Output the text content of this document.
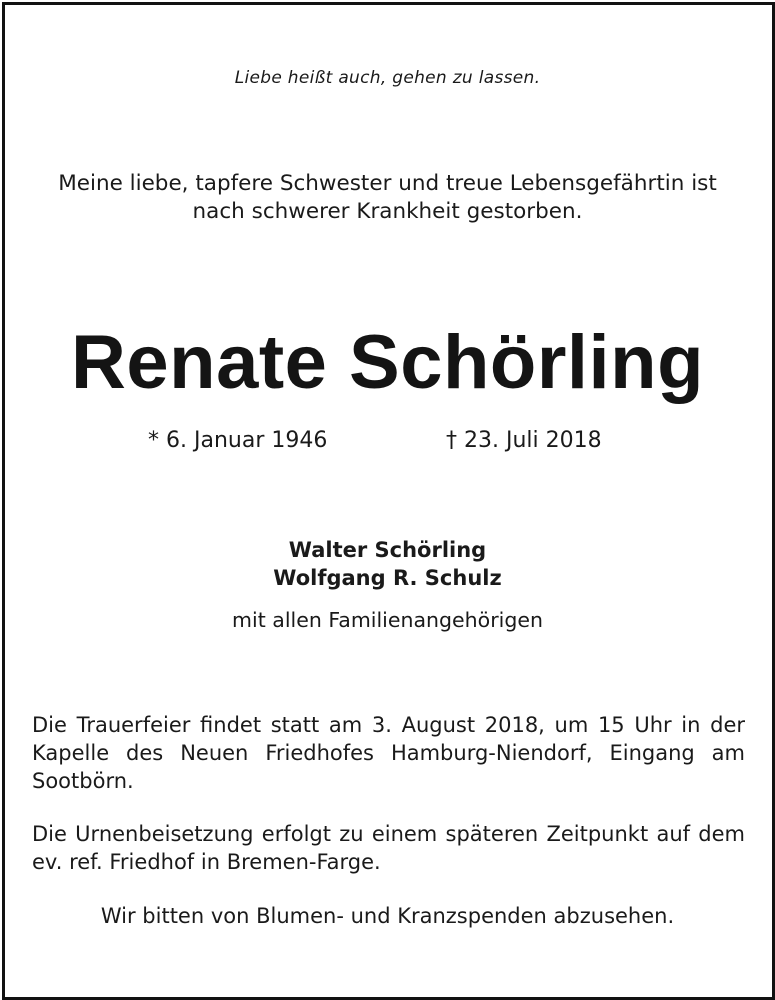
Liebe heißt auch, gehen zu lassen.
Meine liebe, tapfere Schwester und treue Lebensgefährtin ist
nach schwerer Krankheit gestorben.
Renate Schörling
* 6. Januar 1946	† 23. Juli 2018
Walter Schörling
Wolfgang R. Schulz
mit allen Familienangehörigen
Die Trauerfeier findet statt am 3. August 2018, um 15 Uhr in der Kapelle des Neuen Friedhofes Hamburg-Niendorf, Eingang am Sootbörn.
Die Urnenbeisetzung erfolgt zu einem späteren Zeitpunkt auf dem ev. ref. Friedhof in Bremen-Farge.
Wir bitten von Blumen- und Kranzspenden abzusehen.
